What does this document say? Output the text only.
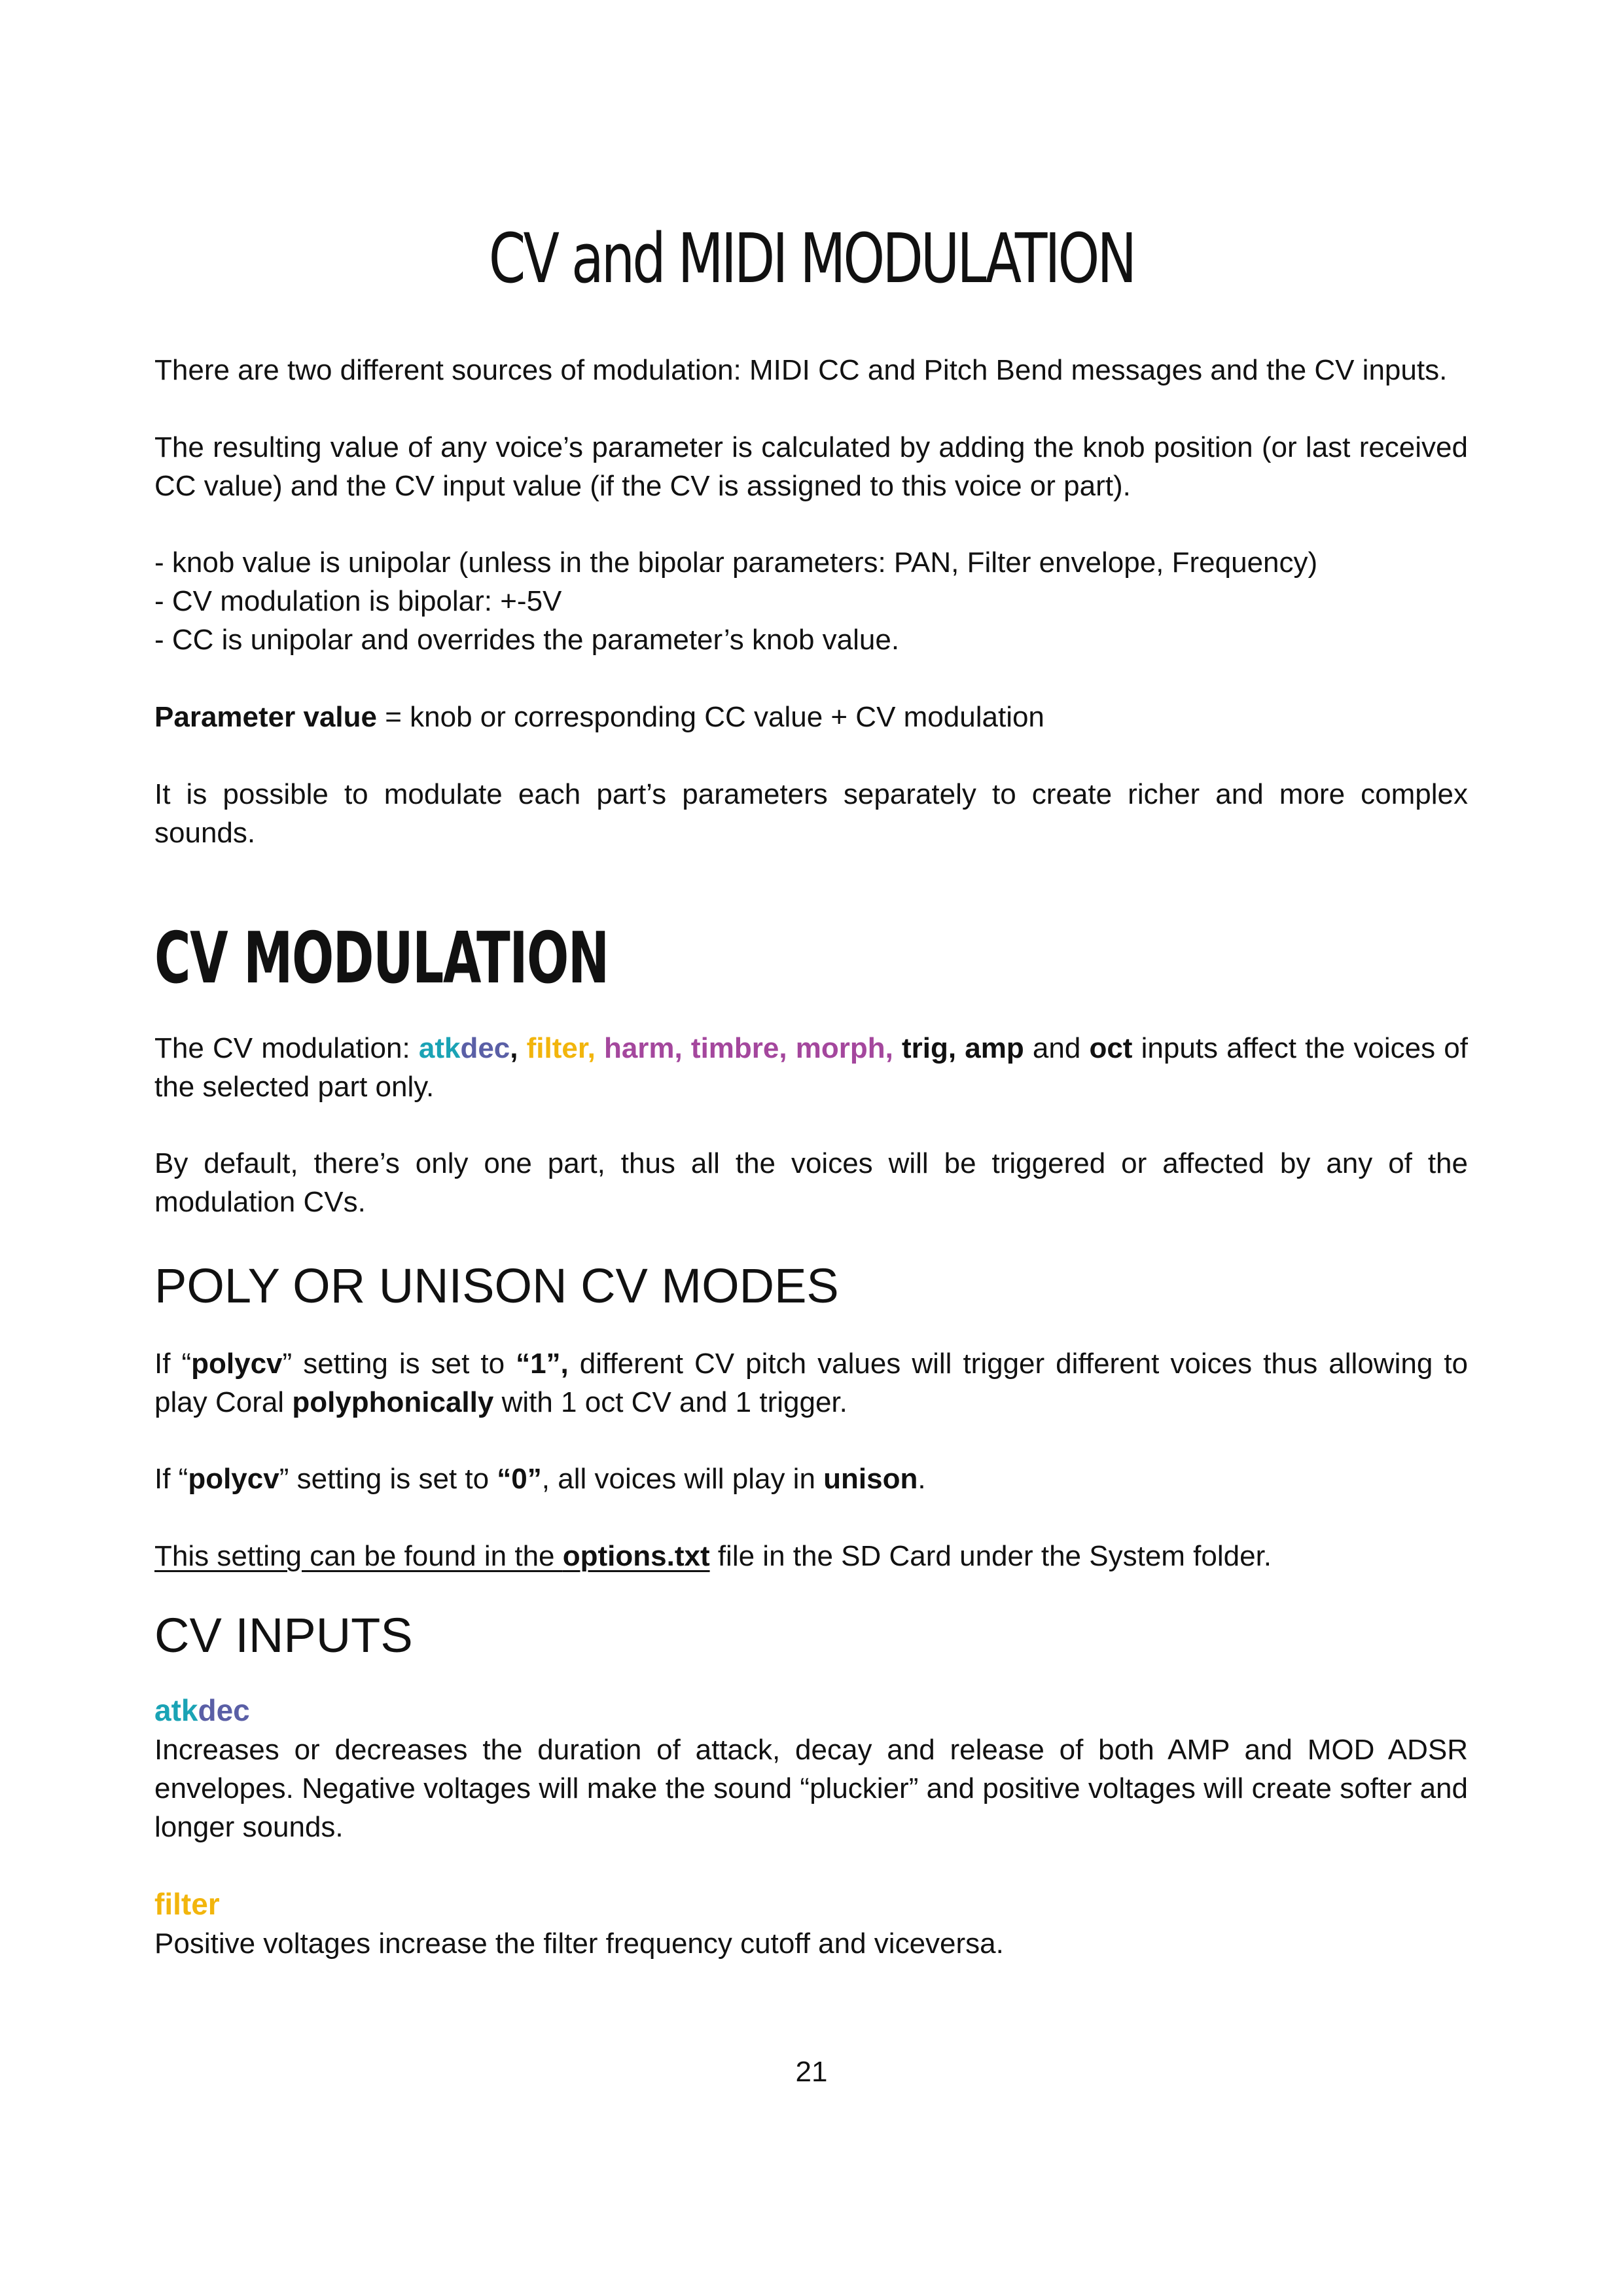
CV and MIDI MODULATION

There are two different sources of modulation: MIDI CC and Pitch Bend messages and the CV inputs.

The resulting value of any voice’s parameter is calculated by adding the knob position (or last received CC value) and the CV input value (if the CV is assigned to this voice or part).

- knob value is unipolar (unless in the bipolar parameters: PAN, Filter envelope, Frequency)

- CV modulation is bipolar: +-5V

- CC is unipolar and overrides the parameter’s knob value.

Parameter value = knob or corresponding CC value + CV modulation

It is possible to modulate each part’s parameters separately to create richer and more complex sounds.

CV MODULATION

The CV modulation: atkdec, filter, harm, timbre, morph, trig, amp and oct inputs affect the voices of the selected part only.

By default, there’s only one part, thus all the voices will be triggered or affected by any of the modulation CVs.

POLY OR UNISON CV MODES

If “polycv” setting is set to “1”, different CV pitch values will trigger different voices thus allowing to play Coral polyphonically with 1 oct CV and 1 trigger.

If “polycv” setting is set to “0”, all voices will play in unison.

This setting can be found in the options.txt file in the SD Card under the System folder.

CV INPUTS

atkdec

Increases or decreases the duration of attack, decay and release of both AMP and MOD ADSR envelopes. Negative voltages will make the sound “pluckier” and positive voltages will create softer and longer sounds.

filter

Positive voltages increase the filter frequency cutoff and viceversa.

21
